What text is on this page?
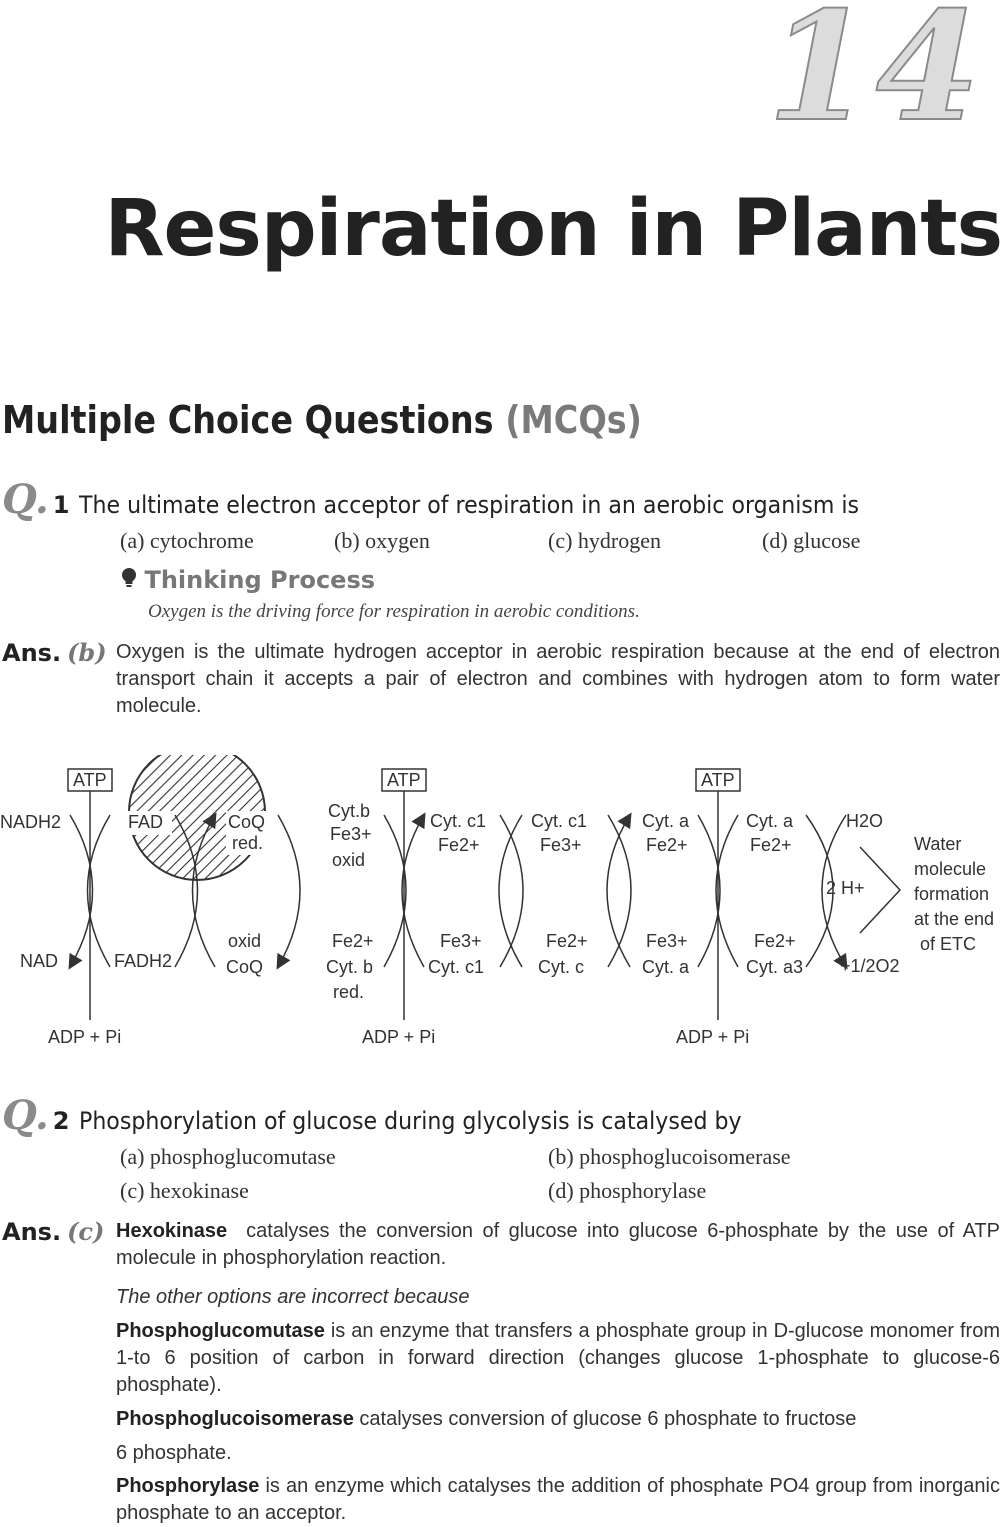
14
Respiration in Plants
Multiple Choice Questions (MCQs)
Q. 1 The ultimate electron acceptor of respiration in an aerobic organism is
(a) cytochrome	(b) oxygen	(c) hydrogen	(d) glucose
Thinking Process
Oxygen is the driving force for respiration in aerobic conditions.
Ans. (b) Oxygen is the ultimate hydrogen acceptor in aerobic respiration because at the end of electron transport chain it accepts a pair of electron and combines with hydrogen atom to form water molecule.
ATP	ATP	ATP
NADH2
NAD
FAD
FADH2
CoQ
red.
oxid
CoQ
Cyt.b
Fe3+
oxid
Fe2+
Cyt. b
red.
Cyt. c1
Fe2+
Fe3+
Cyt. c1
Cyt. c1
Fe3+
Fe2+
Cyt. c
Cyt. a
Fe2+
Fe3+
Cyt. a
Cyt. a
Fe2+
Fe2+
Cyt. a3
H2O
2 H+
+1/2O2
Water
molecule
formation
at the end
of ETC
ADP + Pi	ADP + Pi	ADP + Pi
Q. 2 Phosphorylation of glucose during glycolysis is catalysed by
(a) phosphoglucomutase	(b) phosphoglucoisomerase
(c) hexokinase	(d) phosphorylase
Ans. (c) Hexokinase catalyses the conversion of glucose into glucose 6-phosphate by the use of ATP molecule in phosphorylation reaction.
The other options are incorrect because
Phosphoglucomutase is an enzyme that transfers a phosphate group in D-glucose monomer from 1-to 6 position of carbon in forward direction (changes glucose 1-phosphate to glucose-6 phosphate).
Phosphoglucoisomerase catalyses conversion of glucose 6 phosphate to fructose
6 phosphate.
Phosphorylase is an enzyme which catalyses the addition of phosphate PO4 group from inorganic phosphate to an acceptor.
